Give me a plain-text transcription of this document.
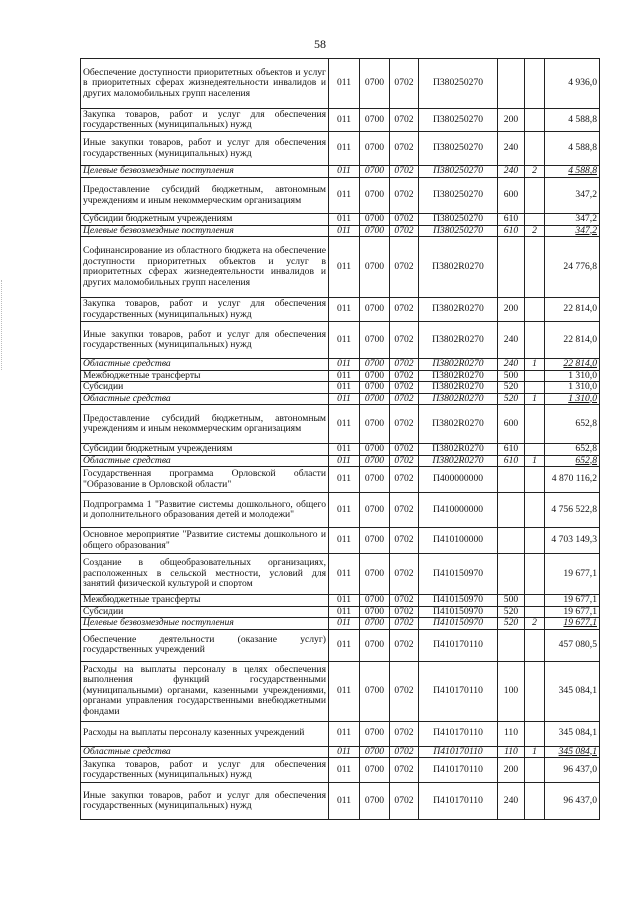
58
Обеспечение доступности приоритетных объектов и услуг в приоритетных сферах жизнедеятельности инвалидов и других маломобильных групп населения	011	0700	0702	П380250270			4 936,0
Закупка товаров, работ и услуг для обеспечения государственных (муниципальных) нужд	011	0700	0702	П380250270	200		4 588,8
Иные закупки товаров, работ и услуг для обеспечения государственных (муниципальных) нужд	011	0700	0702	П380250270	240		4 588,8
Целевые безвозмездные поступления	011	0700	0702	П380250270	240	2	4 588,8
Предоставление субсидий бюджетным, автономным учреждениям и иным некоммерческим организациям	011	0700	0702	П380250270	600		347,2
Субсидии бюджетным учреждениям	011	0700	0702	П380250270	610		347,2
Целевые безвозмездные поступления	011	0700	0702	П380250270	610	2	347,2
Софинансирование из областного бюджета на обеспечение доступности приоритетных объектов и услуг в приоритетных сферах жизнедеятельности инвалидов и других маломобильных групп населения	011	0700	0702	П3802R0270			24 776,8
Закупка товаров, работ и услуг для обеспечения государственных (муниципальных) нужд	011	0700	0702	П3802R0270	200		22 814,0
Иные закупки товаров, работ и услуг для обеспечения государственных (муниципальных) нужд	011	0700	0702	П3802R0270	240		22 814,0
Областные средства	011	0700	0702	П3802R0270	240	1	22 814,0
Межбюджетные трансферты	011	0700	0702	П3802R0270	500		1 310,0
Субсидии	011	0700	0702	П3802R0270	520		1 310,0
Областные средства	011	0700	0702	П3802R0270	520	1	1 310,0
Предоставление субсидий бюджетным, автономным учреждениям и иным некоммерческим организациям	011	0700	0702	П3802R0270	600		652,8
Субсидии бюджетным учреждениям	011	0700	0702	П3802R0270	610		652,8
Областные средства	011	0700	0702	П3802R0270	610	1	652,8
Государственная программа Орловской области "Образование в Орловской области"	011	0700	0702	П400000000			4 870 116,2
Подпрограмма 1 "Развитие системы дошкольного, общего и дополнительного образования детей и молодежи"	011	0700	0702	П410000000			4 756 522,8
Основное мероприятие "Развитие системы дошкольного и общего образования"	011	0700	0702	П410100000			4 703 149,3
Создание в общеобразовательных организациях, расположенных в сельской местности, условий для занятий физической культурой и спортом	011	0700	0702	П410150970			19 677,1
Межбюджетные трансферты	011	0700	0702	П410150970	500		19 677,1
Субсидии	011	0700	0702	П410150970	520		19 677,1
Целевые безвозмездные поступления	011	0700	0702	П410150970	520	2	19 677,1
Обеспечение деятельности (оказание услуг) государственных учреждений	011	0700	0702	П410170110			457 080,5
Расходы на выплаты персоналу в целях обеспечения выполнения функций государственными (муниципальными) органами, казенными учреждениями, органами управления государственными внебюджетными фондами	011	0700	0702	П410170110	100		345 084,1
Расходы на выплаты персоналу казенных учреждений	011	0700	0702	П410170110	110		345 084,1
Областные средства	011	0700	0702	П410170110	110	1	345 084,1
Закупка товаров, работ и услуг для обеспечения государственных (муниципальных) нужд	011	0700	0702	П410170110	200		96 437,0
Иные закупки товаров, работ и услуг для обеспечения государственных (муниципальных) нужд	011	0700	0702	П410170110	240		96 437,0
